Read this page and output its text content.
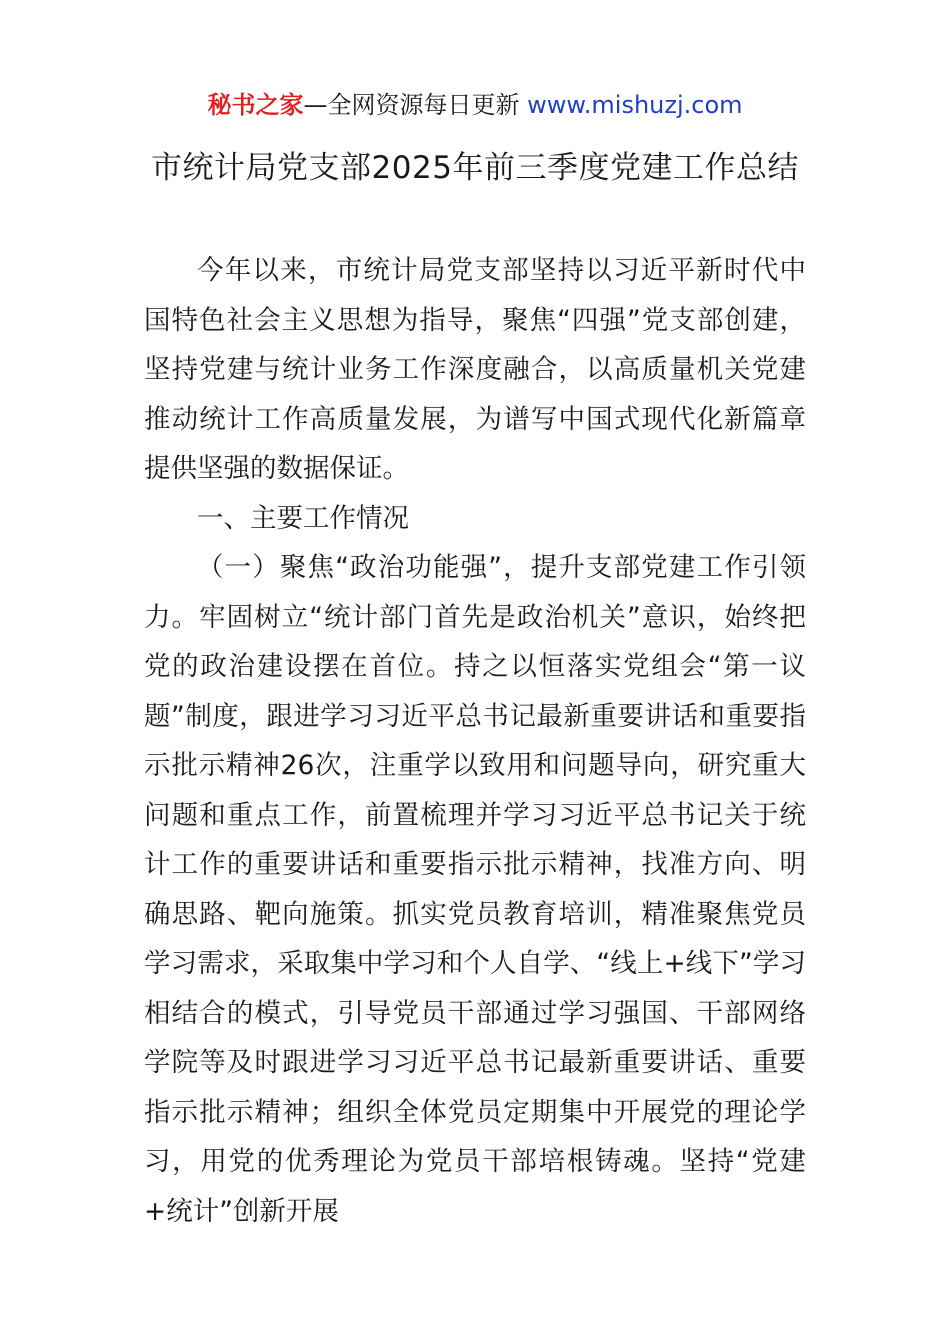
秘书之家—全网资源每日更新 www.mishuzj.com
市统计局党支部2025年前三季度党建工作总结

今年以来，市统计局党支部坚持以习近平新时代中国特色社会主义思想为指导，聚焦“四强”党支部创建，坚持党建与统计业务工作深度融合，以高质量机关党建推动统计工作高质量发展，为谱写中国式现代化新篇章提供坚强的数据保证。

一、主要工作情况

（一）聚焦“政治功能强”，提升支部党建工作引领力。牢固树立“统计部门首先是政治机关”意识，始终把党的政治建设摆在首位。持之以恒落实党组会“第一议题”制度，跟进学习习近平总书记最新重要讲话和重要指示批示精神26次，注重学以致用和问题导向，研究重大问题和重点工作，前置梳理并学习习近平总书记关于统计工作的重要讲话和重要指示批示精神，找准方向、明确思路、靶向施策。抓实党员教育培训，精准聚焦党员学习需求，采取集中学习和个人自学、“线上+线下”学习相结合的模式，引导党员干部通过学习强国、干部网络学院等及时跟进学习习近平总书记最新重要讲话、重要指示批示精神；组织全体党员定期集中开展党的理论学习，用党的优秀理论为党员干部培根铸魂。坚持“党建+统计”创新开展
